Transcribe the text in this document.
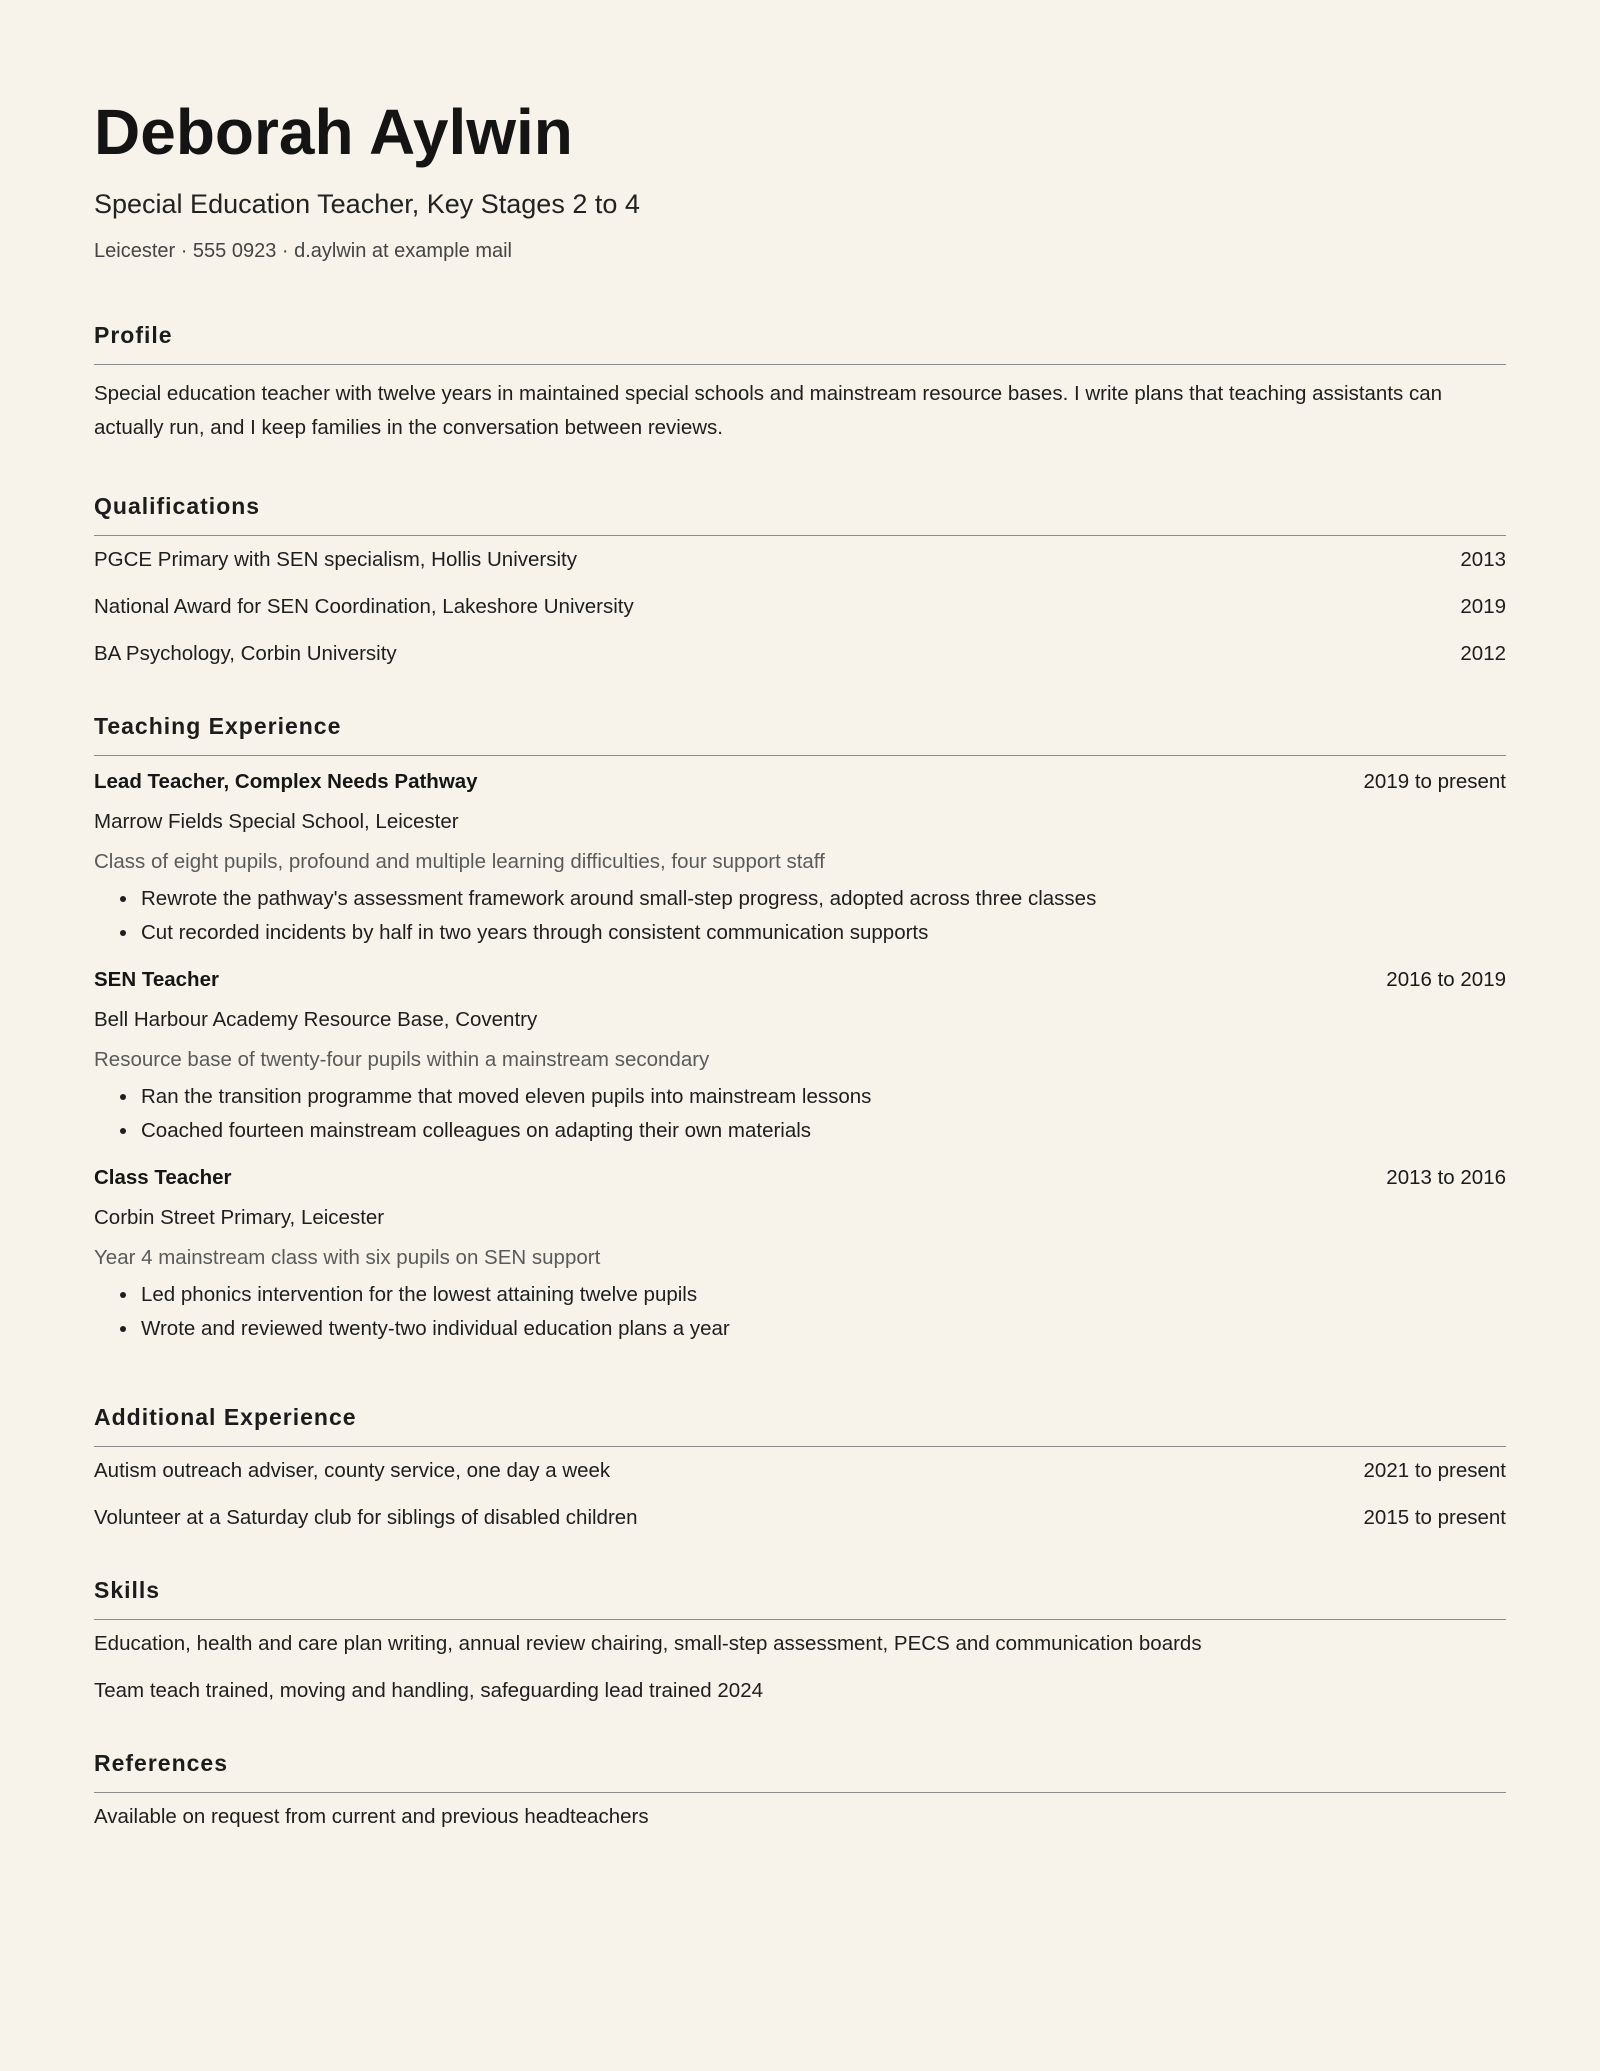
Deborah Aylwin
Special Education Teacher, Key Stages 2 to 4
Leicester · 555 0923 · d.aylwin at example mail
Profile
Special education teacher with twelve years in maintained special schools and mainstream resource bases. I write plans that teaching assistants can actually run, and I keep families in the conversation between reviews.
Qualifications
PGCE Primary with SEN specialism, Hollis University	2013
National Award for SEN Coordination, Lakeshore University	2019
BA Psychology, Corbin University	2012
Teaching Experience
Lead Teacher, Complex Needs Pathway	2019 to present
Marrow Fields Special School, Leicester
Class of eight pupils, profound and multiple learning difficulties, four support staff
Rewrote the pathway's assessment framework around small-step progress, adopted across three classes
Cut recorded incidents by half in two years through consistent communication supports
SEN Teacher	2016 to 2019
Bell Harbour Academy Resource Base, Coventry
Resource base of twenty-four pupils within a mainstream secondary
Ran the transition programme that moved eleven pupils into mainstream lessons
Coached fourteen mainstream colleagues on adapting their own materials
Class Teacher	2013 to 2016
Corbin Street Primary, Leicester
Year 4 mainstream class with six pupils on SEN support
Led phonics intervention for the lowest attaining twelve pupils
Wrote and reviewed twenty-two individual education plans a year
Additional Experience
Autism outreach adviser, county service, one day a week	2021 to present
Volunteer at a Saturday club for siblings of disabled children	2015 to present
Skills
Education, health and care plan writing, annual review chairing, small-step assessment, PECS and communication boards
Team teach trained, moving and handling, safeguarding lead trained 2024
References
Available on request from current and previous headteachers
